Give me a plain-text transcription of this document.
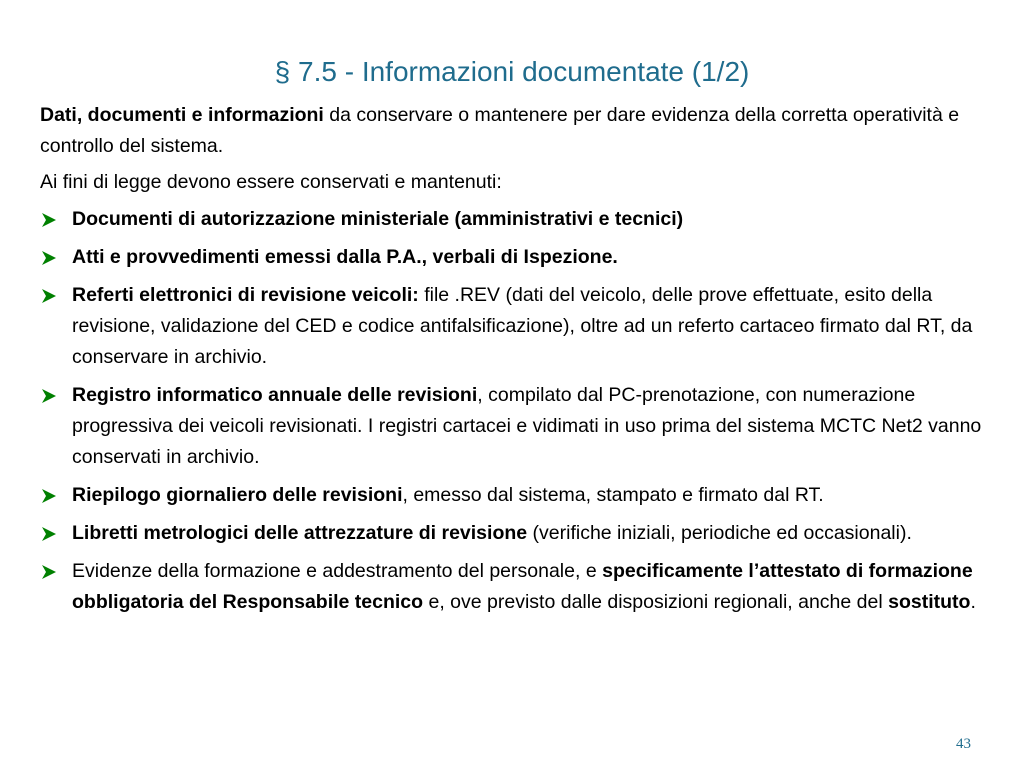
§ 7.5 - Informazioni documentate (1/2)

Dati, documenti e informazioni da conservare o mantenere per dare evidenza della corretta operatività e controllo del sistema.

Ai fini di legge devono essere conservati e mantenuti:

Documenti di autorizzazione ministeriale (amministrativi e tecnici)
Atti e provvedimenti emessi dalla P.A., verbali di Ispezione.
Referti elettronici di revisione veicoli: file .REV (dati del veicolo, delle prove effettuate, esito della revisione, validazione del CED e codice antifalsificazione), oltre ad un referto cartaceo firmato dal RT, da conservare in archivio.
Registro informatico annuale delle revisioni, compilato dal PC-prenotazione, con numerazione progressiva dei veicoli revisionati. I registri cartacei e vidimati in uso prima del sistema MCTC Net2 vanno conservati in archivio.
Riepilogo giornaliero delle revisioni, emesso dal sistema, stampato e firmato dal RT.
Libretti metrologici delle attrezzature di revisione (verifiche iniziali, periodiche ed occasionali).
Evidenze della formazione e addestramento del personale, e specificamente l’attestato di formazione obbligatoria del Responsabile tecnico e, ove previsto dalle disposizioni regionali, anche del sostituto.
43
